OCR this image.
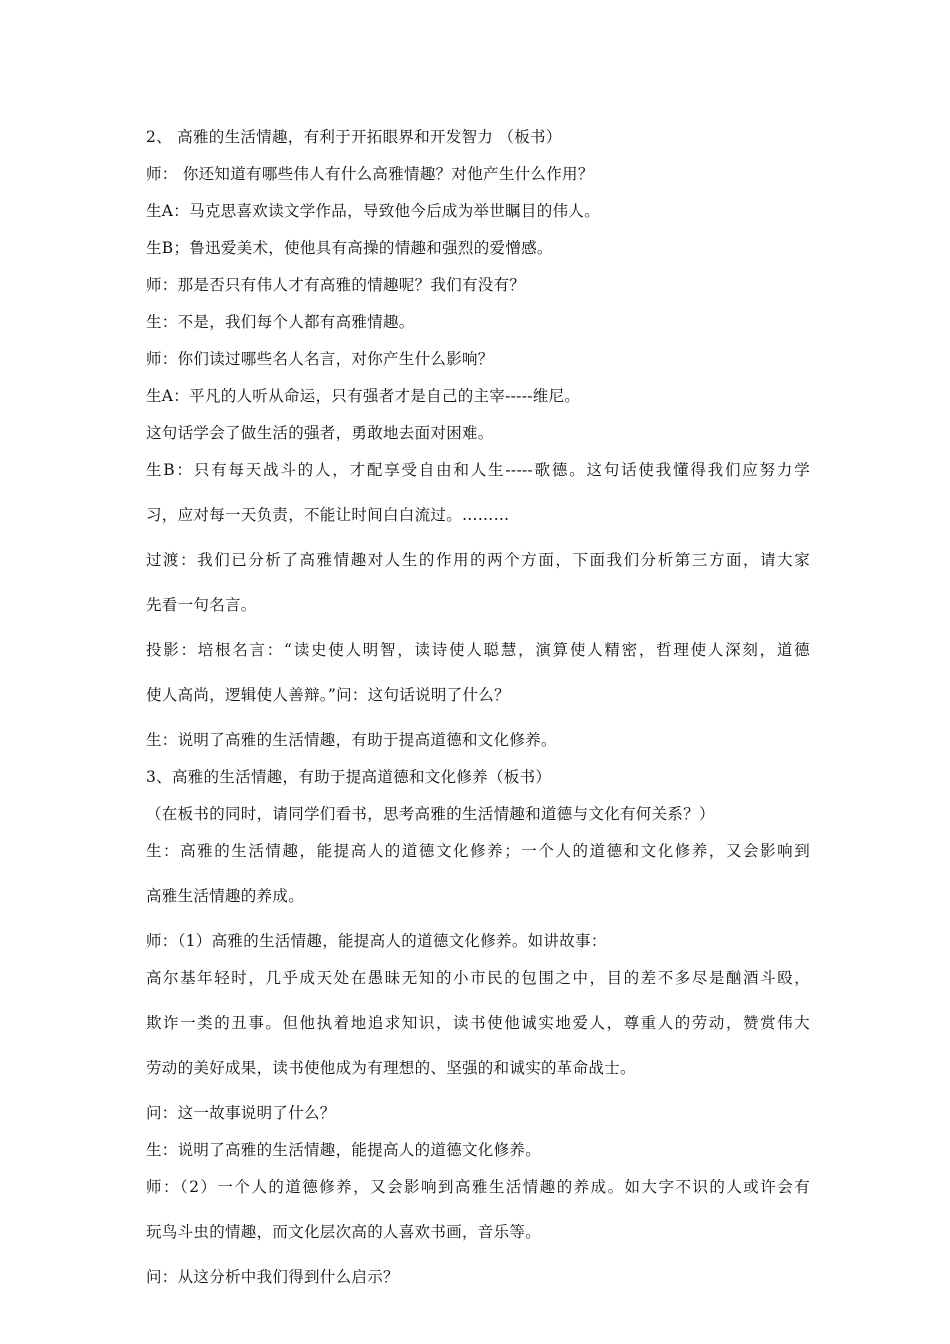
2、 高雅的生活情趣，有利于开拓眼界和开发智力 （板书）

师： 你还知道有哪些伟人有什么高雅情趣？对他产生什么作用？

生A：马克思喜欢读文学作品，导致他今后成为举世瞩目的伟人。

生B；鲁迅爱美术，使他具有高操的情趣和强烈的爱憎感。

师：那是否只有伟人才有高雅的情趣呢？我们有没有？

生：不是，我们每个人都有高雅情趣。

师：你们读过哪些名人名言，对你产生什么影响？

生A：平凡的人听从命运，只有强者才是自己的主宰-----维尼。

这句话学会了做生活的强者，勇敢地去面对困难。

生B：只有每天战斗的人，才配享受自由和人生-----歌德。这句话使我懂得我们应努力学

习，应对每一天负责，不能让时间白白流过。………

过渡：我们已分析了高雅情趣对人生的作用的两个方面，下面我们分析第三方面，请大家

先看一句名言。

投影：培根名言：“读史使人明智，读诗使人聪慧，演算使人精密，哲理使人深刻，道德

使人高尚，逻辑使人善辩。”问：这句话说明了什么？

生：说明了高雅的生活情趣，有助于提高道德和文化修养。

3、高雅的生活情趣，有助于提高道德和文化修养（板书）

（在板书的同时，请同学们看书，思考高雅的生活情趣和道德与文化有何关系？）

生：高雅的生活情趣，能提高人的道德文化修养；一个人的道德和文化修养，又会影响到

高雅生活情趣的养成。

师：（1）高雅的生活情趣，能提高人的道德文化修养。如讲故事：

高尔基年轻时，几乎成天处在愚昧无知的小市民的包围之中，目的差不多尽是酗酒斗殴，

欺诈一类的丑事。但他执着地追求知识，读书使他诚实地爱人，尊重人的劳动，赞赏伟大

劳动的美好成果，读书使他成为有理想的、坚强的和诚实的革命战士。

问：这一故事说明了什么？

生：说明了高雅的生活情趣，能提高人的道德文化修养。

师：（2）一个人的道德修养，又会影响到高雅生活情趣的养成。如大字不识的人或许会有

玩鸟斗虫的情趣，而文化层次高的人喜欢书画，音乐等。

问：从这分析中我们得到什么启示？
